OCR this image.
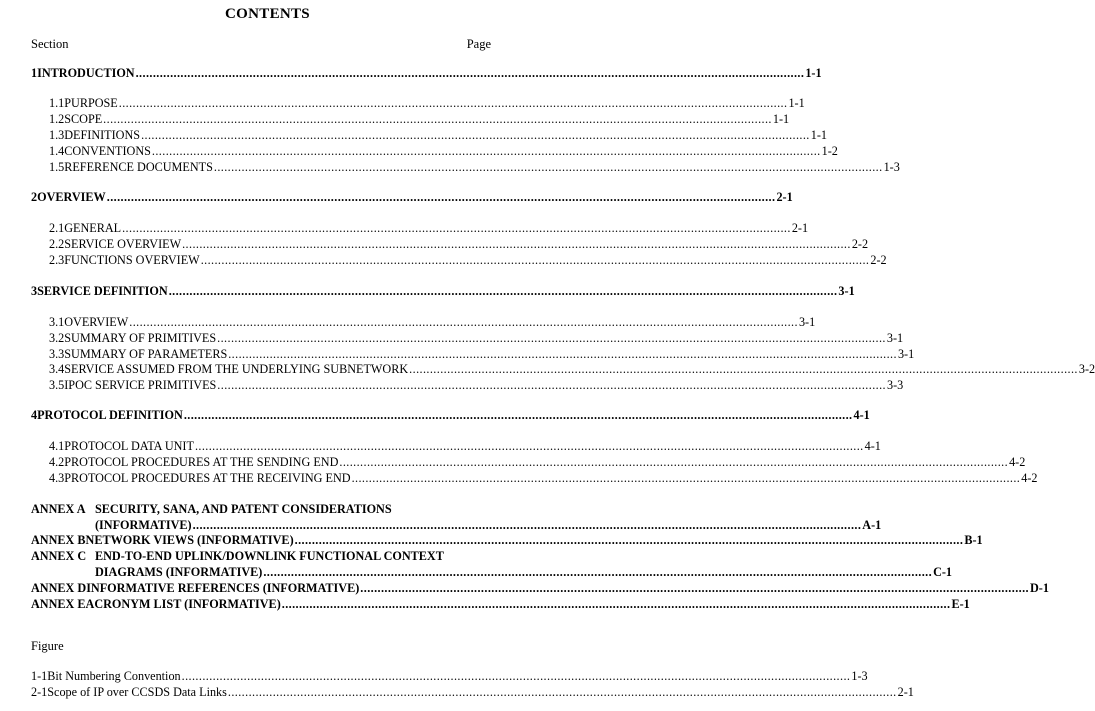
CONTENTS
Section	Page
1 INTRODUCTION .....	1-1
1.1 PURPOSE .....	1-1
1.2 SCOPE .....	1-1
1.3 DEFINITIONS .....	1-1
1.4 CONVENTIONS .....	1-2
1.5 REFERENCE DOCUMENTS .....	1-3
2 OVERVIEW .....	2-1
2.1 GENERAL .....	2-1
2.2 SERVICE OVERVIEW .....	2-2
2.3 FUNCTIONS OVERVIEW .....	2-2
3 SERVICE DEFINITION .....	3-1
3.1 OVERVIEW .....	3-1
3.2 SUMMARY OF PRIMITIVES .....	3-1
3.3 SUMMARY OF PARAMETERS .....	3-1
3.4 SERVICE ASSUMED FROM THE UNDERLYING SUBNETWORK .....	3-2
3.5 IPOC SERVICE PRIMITIVES .....	3-3
4 PROTOCOL DEFINITION .....	4-1
4.1 PROTOCOL DATA UNIT .....	4-1
4.2 PROTOCOL PROCEDURES AT THE SENDING END .....	4-2
4.3 PROTOCOL PROCEDURES AT THE RECEIVING END .....	4-2
ANNEX A SECURITY, SANA, AND PATENT CONSIDERATIONS
(INFORMATIVE) .....	A-1
ANNEX B NETWORK VIEWS (INFORMATIVE) .....	B-1
ANNEX C END-TO-END UPLINK/DOWNLINK FUNCTIONAL CONTEXT
DIAGRAMS (INFORMATIVE) .....	C-1
ANNEX D INFORMATIVE REFERENCES (INFORMATIVE) .....	D-1
ANNEX E ACRONYM LIST (INFORMATIVE) .....	E-1
Figure
1-1 Bit Numbering Convention .....	1-3
2-1 Scope of IP over CCSDS Data Links .....	2-1
